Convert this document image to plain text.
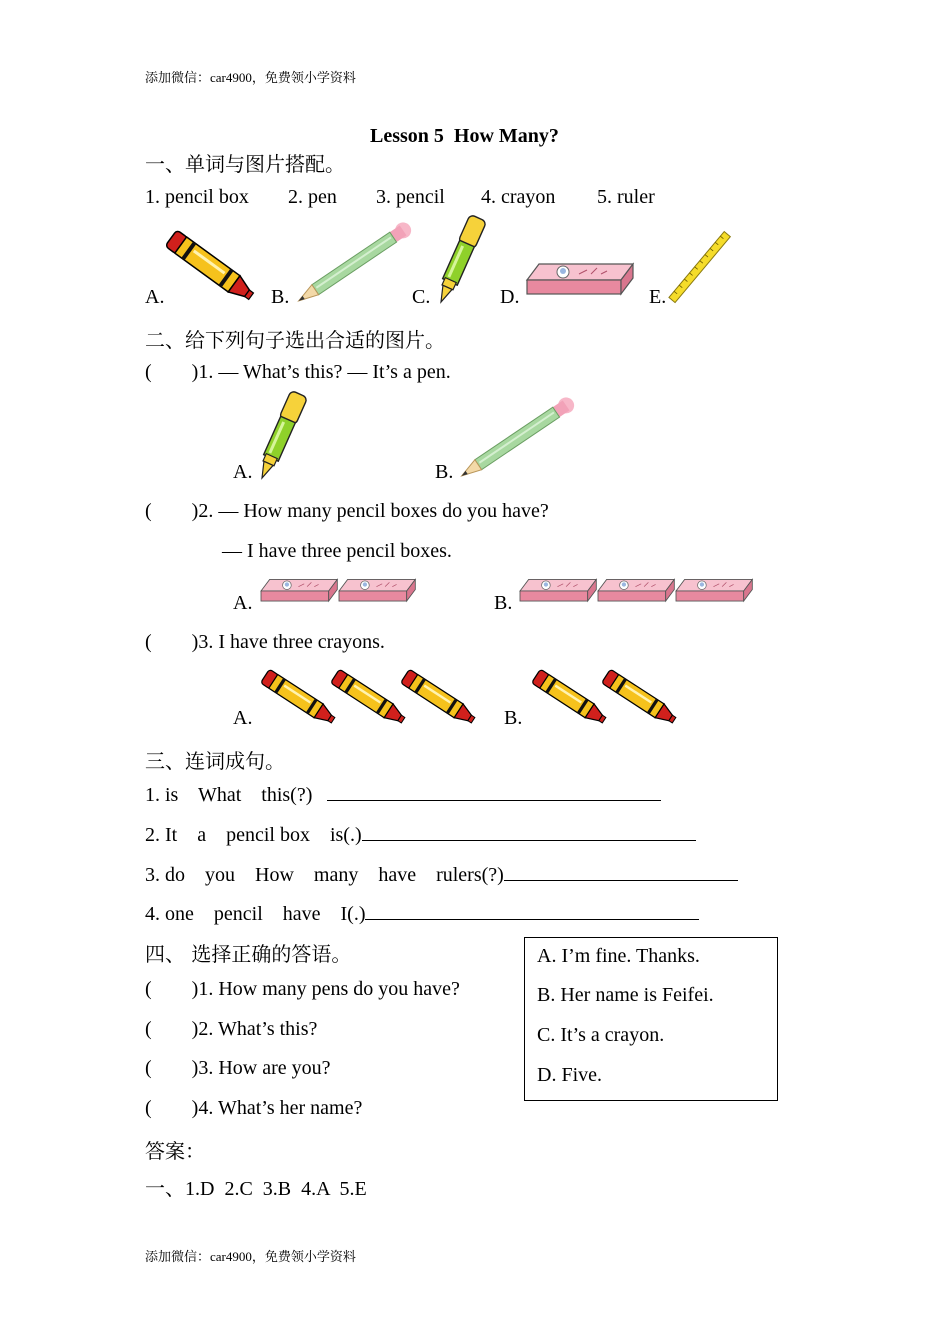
添加微信：car4900，免费领小学资料
Lesson 5  How Many?
一、单词与图片搭配。
1. pencil box 2. pen 3. pencil 4. crayon 5. ruler
A.	B.	C.	D.	E.
二、给下列句子选出合适的图片。
(        )1. — What’s this? — It’s a pen.
A.	B.
(        )2. — How many pencil boxes do you have?
— I have three pencil boxes.
A.	B.
(        )3. I have three crayons.
A.	B.
三、连词成句。
1. is    What    this(?)
2. It    a    pencil box    is(.)
3. do    you    How    many    have    rulers(?)
4. one    pencil    have    I(.)
四、 选择正确的答语。
(        )1. How many pens do you have?
(        )2. What’s this?
(        )3. How are you?
(        )4. What’s her name?
A. I’m fine. Thanks.
B. Her name is Feifei.
C. It’s a crayon.
D. Five.
答案：
一、1.D  2.C  3.B  4.A  5.E
添加微信：car4900，免费领小学资料
